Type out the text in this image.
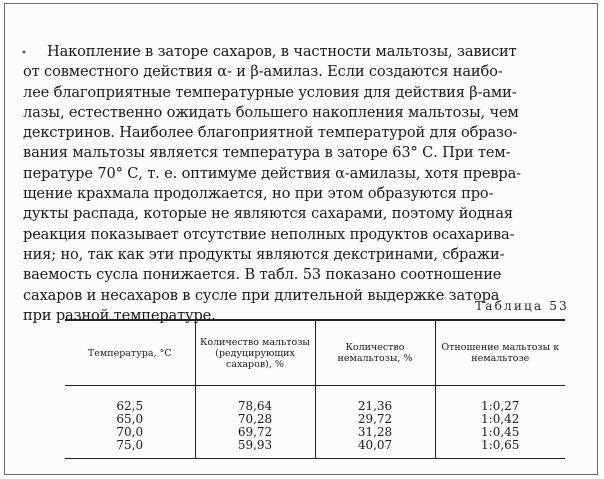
•	Накопление в заторе сахаров, в частности мальтозы, зависит
от совместного действия α- и β-амилаз. Если создаются наибо-
лее благоприятные температурные условия для действия β-ами-
лазы, естественно ожидать большего накопления мальтозы, чем
декстринов. Наиболее благоприятной температурой для образо-
вания мальтозы является температура в заторе 63° С. При тем-
пературе 70° С, т. е. оптимуме действия α-амилазы, хотя превра-
щение крахмала продолжается, но при этом образуются про-
дукты распада, которые не являются сахарами, поэтому йодная
реакция показывает отсутствие неполных продуктов осахарива-
ния; но, так как эти продукты являются декстринами, сбражи-
ваемость сусла понижается. В табл. 53 показано соотношение
сахаров и несахаров в сусле при длительной выдержке затора
при разной температуре.
Таблица 53
Температура, °С	Количество мальтозы (редуцирующих сахаров), %	Количество немальтозы, %	Отношение мальтозы к немальтозе

62,5	78,64	21,36	1:0,27
65,0	70,28	29,72	1:0,42
70,0	69,72	31,28	1:0,45
75,0	59,93	40,07	1:0,65
